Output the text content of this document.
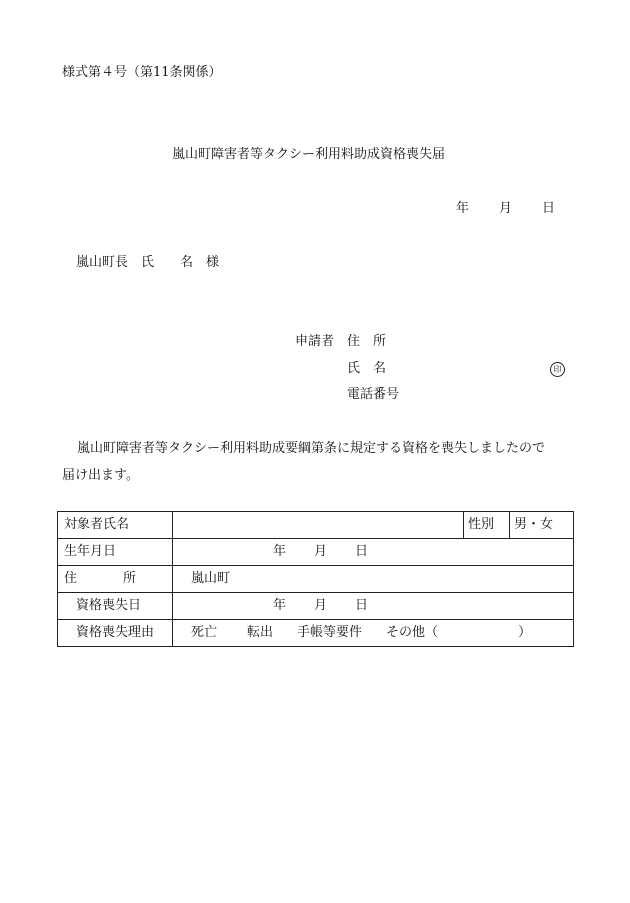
様式第４号（第11条関係）
嵐山町障害者等タクシー利用料助成資格喪失届
年 月 日
嵐山町長 氏 名 様
申請者 住　所
氏　名	印
電話番号
嵐山町障害者等タクシー利用料助成要綱第条に規定する資格を喪失しましたので
届け出ます。
対象者氏名		性別	男・女
生年月日	年 月 日		
住 所	嵐山町		
資格喪失日	年 月 日		
資格喪失理由	死亡 転出 手帳等要件 その他（ ）		
